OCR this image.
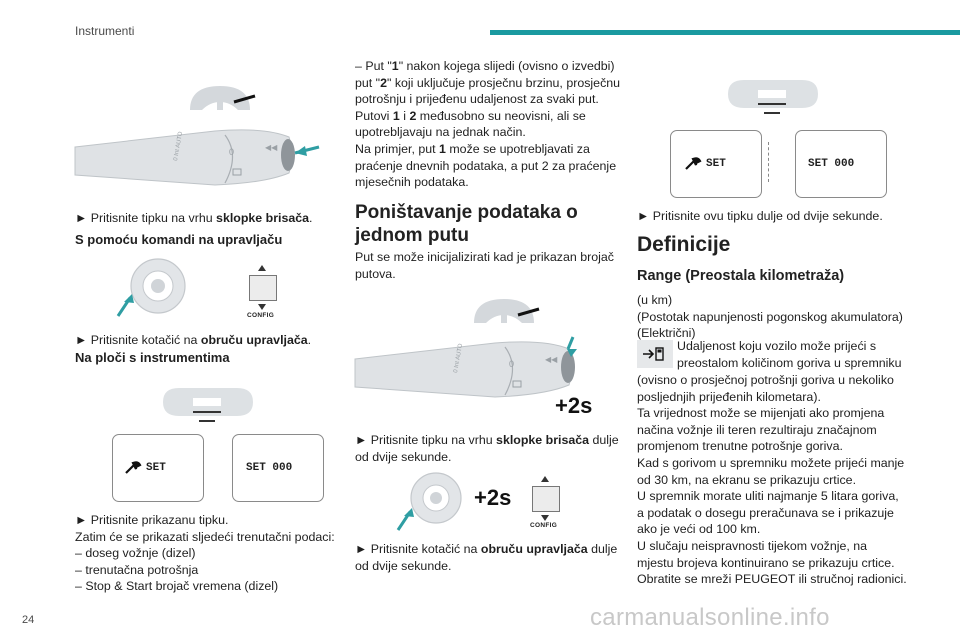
Instrumenti
24	carmanualsonline.info
0 Int AUTO	0	◀◀

► Pritisnite tipku na vrhu sklopke brisača.

S pomoću komandi na upravljaču
CONFIG

► Pritisnite kotačić na obruču upravljača.

Na ploči s instrumentima
SET	SET 000

► Pritisnite prikazanu tipku.

Zatim će se prikazati sljedeći trenutačni podaci:

– doseg vožnje (dizel)

– trenutačna potrošnja

– Stop & Start brojač vremena (dizel)

– Put "1" nakon kojega slijedi (ovisno o izvedbi)

put "2" koji uključuje prosječnu brzinu, prosječnu

potrošnju i prijeđenu udaljenost za svaki put.

Putovi 1 i 2 međusobno su neovisni, ali se

upotrebljavaju na jednak način.

Na primjer, put 1 može se upotrebljavati za

praćenje dnevnih podataka, a put 2 za praćenje

mjesečnih podataka.

Poništavanje podataka o

jednom putu

Put se može inicijalizirati kad je prikazan brojač

putova.

0 Int AUTO	0	◀◀
+2s

► Pritisnite tipku na vrhu sklopke brisača dulje

od dvije sekunde.

+2s
CONFIG

► Pritisnite kotačić na obruču upravljača dulje

od dvije sekunde.

SET	SET 000
► Pritisnite ovu tipku dulje od dvije sekunde.
Definicije
Range (Preostala kilometraža)

(u km)

(Postotak napunjenosti pogonskog akumulatora)

(Električni)

Udaljenost koju vozilo može prijeći s
preostalom količinom goriva u spremniku

(ovisno o prosječnoj potrošnji goriva u nekoliko

posljednjih prijeđenih kilometara).

Ta vrijednost može se mijenjati ako promjena

načina vožnje ili teren rezultiraju značajnom

promjenom trenutne potrošnje goriva.

Kad s gorivom u spremniku možete prijeći manje

od 30 km, na ekranu se prikazuju crtice.

U spremnik morate uliti najmanje 5 litara goriva,

a podatak o dosegu preračunava se i prikazuje

ako je veći od 100 km.

U slučaju neispravnosti tijekom vožnje, na

mjestu brojeva kontinuirano se prikazuju crtice.

Obratite se mreži PEUGEOT ili stručnoj radionici.
